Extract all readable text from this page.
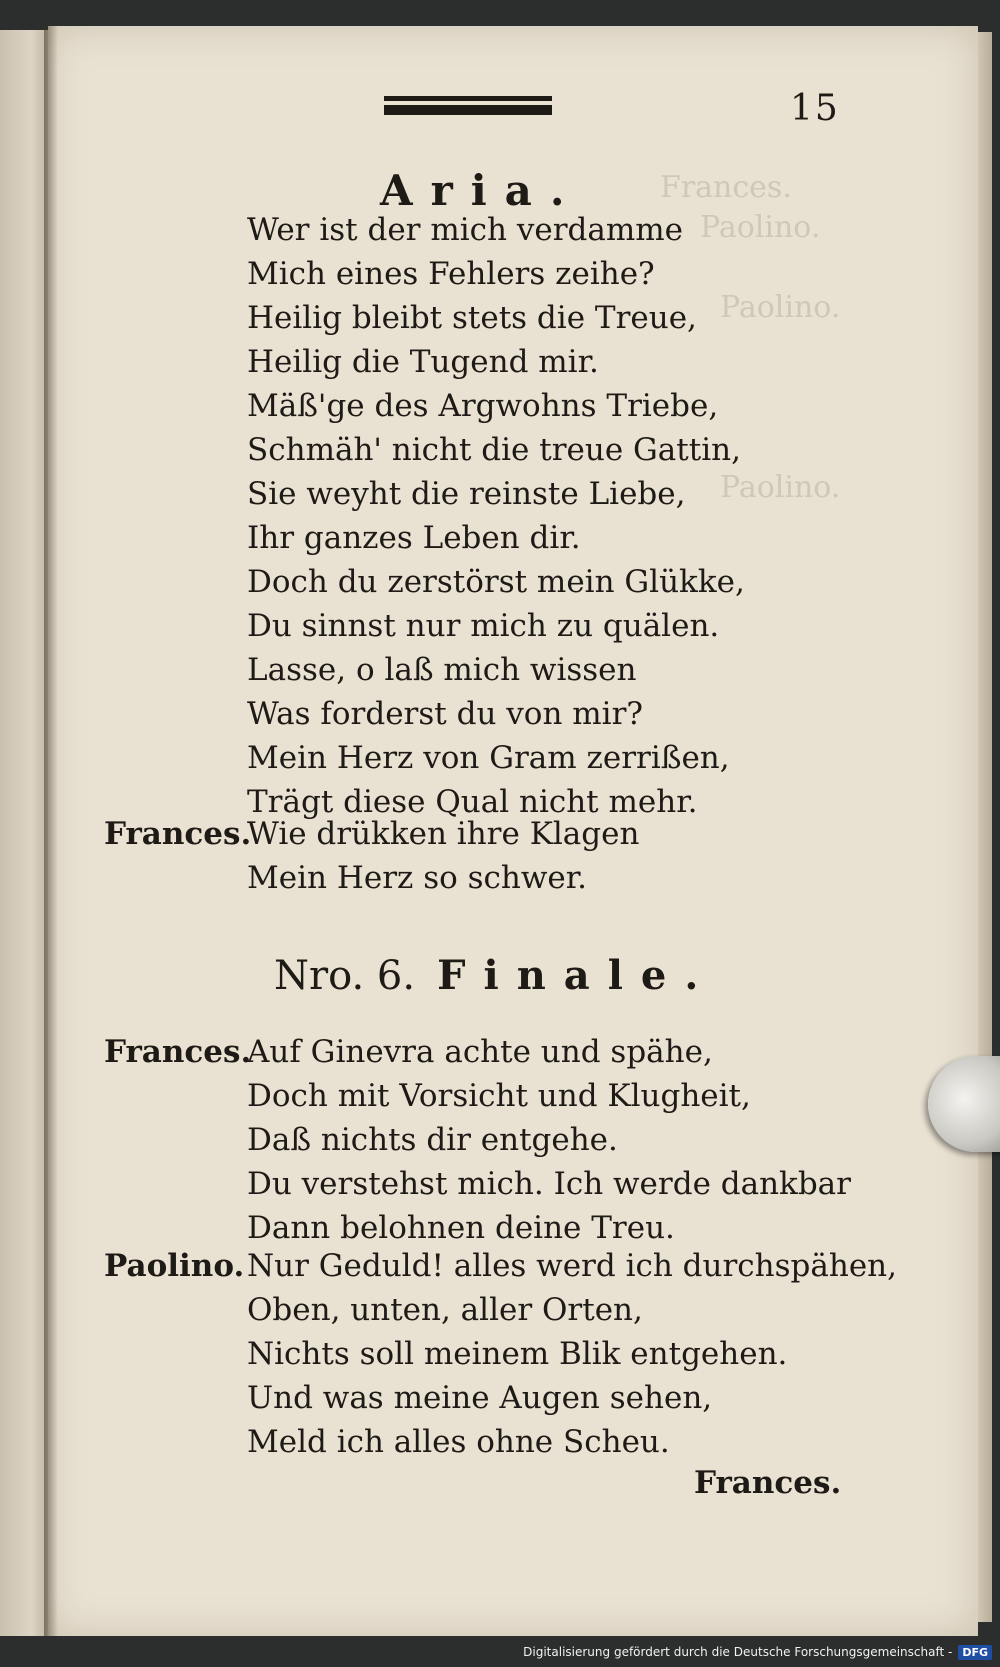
15
Aria.
Wer ist der mich verdamme
Mich eines Fehlers zeihe?
Heilig bleibt stets die Treue,
Heilig die Tugend mir.
Mäß'ge des Argwohns Triebe,
Schmäh' nicht die treue Gattin,
Sie weyht die reinste Liebe,
Ihr ganzes Leben dir.
Doch du zerstörst mein Glükke,
Du sinnst nur mich zu quälen.
Lasse, o laß mich wissen
Was forderst du von mir?
Mein Herz von Gram zerrißen,
Trägt diese Qual nicht mehr.
Frances.
Wie drükken ihre Klagen
Mein Herz so schwer.
Nro. 6. Finale.
Frances.
Auf Ginevra achte und spähe,
Doch mit Vorsicht und Klugheit,
Daß nichts dir entgehe.
Du verstehst mich. Ich werde dankbar
Dann belohnen deine Treu.
Paolino. Nur Geduld! alles werd ich durchspähen,
Oben, unten, aller Orten,
Nichts soll meinem Blik entgehen.
Und was meine Augen sehen,
Meld ich alles ohne Scheu.
Frances.
Digitalisierung gefördert durch die Deutsche Forschungsgemeinschaft - DFG
